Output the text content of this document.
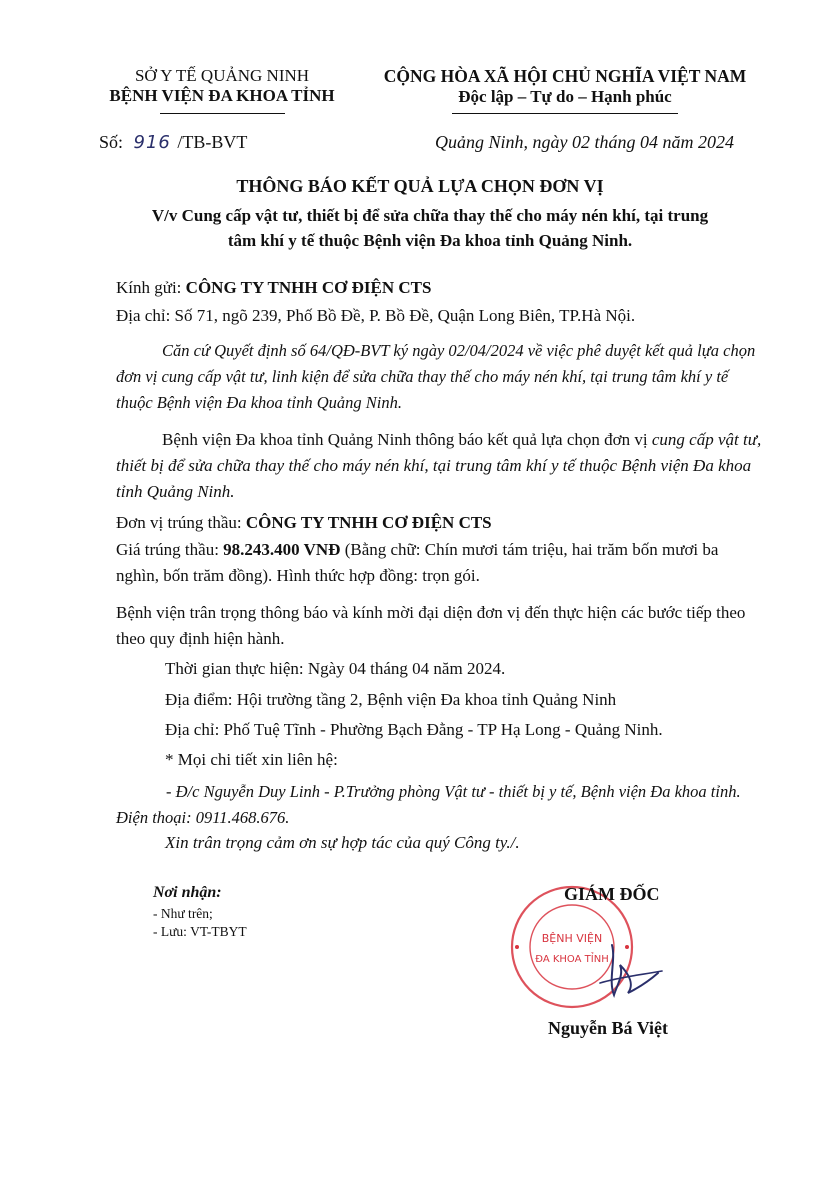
SỞ Y TẾ QUẢNG NINH
BỆNH VIỆN ĐA KHOA TỈNH
CỘNG HÒA XÃ HỘI CHỦ NGHĨA VIỆT NAM
Độc lập – Tự do – Hạnh phúc
Số: 916 /TB-BVT	Quảng Ninh, ngày 02 tháng 04 năm 2024
THÔNG BÁO KẾT QUẢ LỰA CHỌN ĐƠN VỊ
V/v Cung cấp vật tư, thiết bị để sửa chữa thay thế cho máy nén khí, tại trung
tâm khí y tế thuộc Bệnh viện Đa khoa tỉnh Quảng Ninh.
Kính gửi: CÔNG TY TNHH CƠ ĐIỆN CTS
Địa chỉ: Số 71, ngõ 239, Phố Bồ Đề, P. Bồ Đề, Quận Long Biên, TP.Hà Nội.

Căn cứ Quyết định số 64/QĐ-BVT ký ngày 02/04/2024 về việc phê duyệt kết quả lựa chọn đơn vị cung cấp vật tư, linh kiện để sửa chữa thay thế cho máy nén khí, tại trung tâm khí y tế thuộc Bệnh viện Đa khoa tỉnh Quảng Ninh.

Bệnh viện Đa khoa tỉnh Quảng Ninh thông báo kết quả lựa chọn đơn vị cung cấp vật tư, thiết bị để sửa chữa thay thế cho máy nén khí, tại trung tâm khí y tế thuộc Bệnh viện Đa khoa tỉnh Quảng Ninh.

Đơn vị trúng thầu: CÔNG TY TNHH CƠ ĐIỆN CTS

Giá trúng thầu: 98.243.400 VNĐ (Bằng chữ: Chín mươi tám triệu, hai trăm bốn mươi ba nghìn, bốn trăm đồng). Hình thức hợp đồng: trọn gói.

Bệnh viện trân trọng thông báo và kính mời đại diện đơn vị đến thực hiện các bước tiếp theo theo quy định hiện hành.

Thời gian thực hiện: Ngày 04 tháng 04 năm 2024.
Địa điểm: Hội trường tầng 2, Bệnh viện Đa khoa tỉnh Quảng Ninh
Địa chỉ: Phố Tuệ Tĩnh - Phường Bạch Đằng - TP Hạ Long - Quảng Ninh.
* Mọi chi tiết xin liên hệ:

- Đ/c Nguyễn Duy Linh - P.Trưởng phòng Vật tư - thiết bị y tế, Bệnh viện Đa khoa tỉnh. Điện thoại: 0911.468.676.

Xin trân trọng cảm ơn sự hợp tác của quý Công ty./.
Nơi nhận:
- Như trên;
- Lưu: VT-TBYT	BỆNH VIỆN
ĐA KHOA TỈNH
GIÁM ĐỐC
Nguyễn Bá Việt
